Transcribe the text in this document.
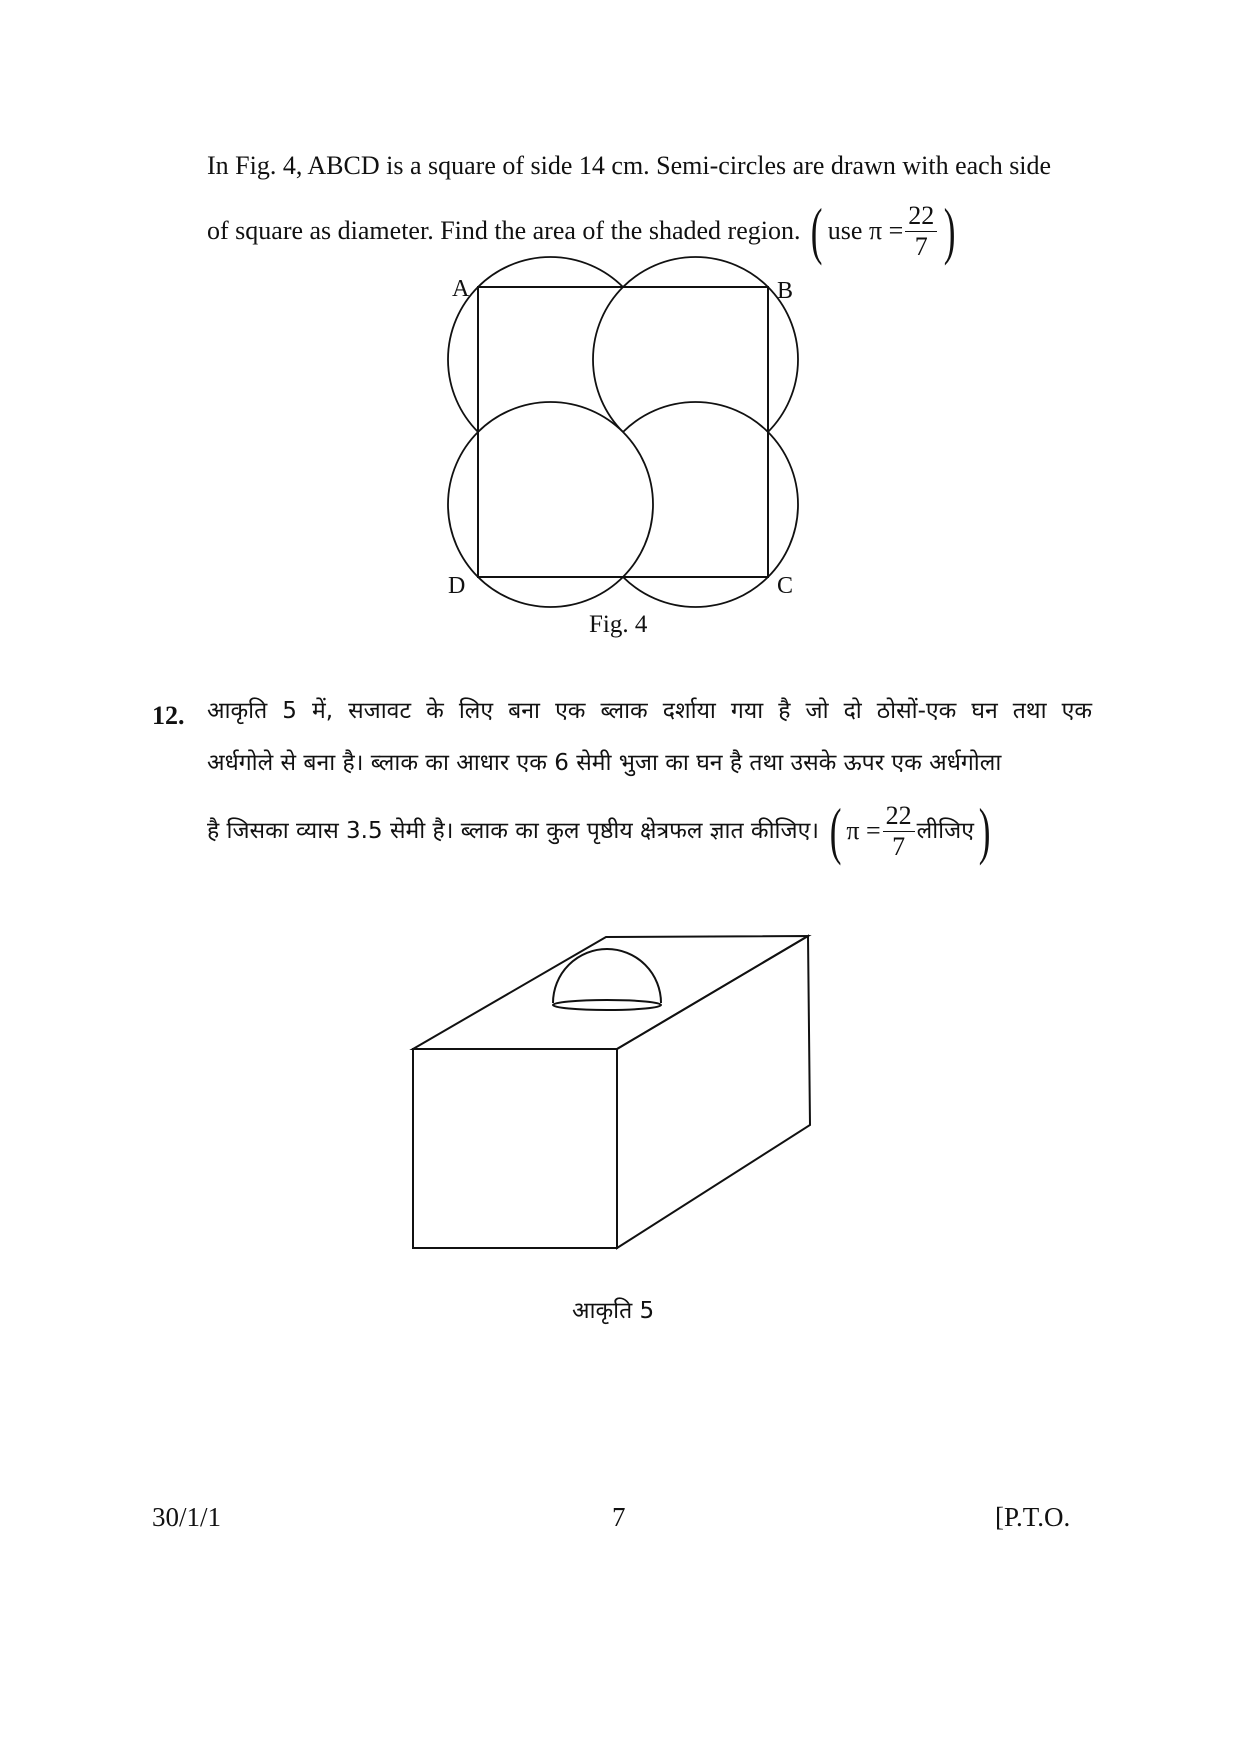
In Fig. 4, ABCD is a square of side 14 cm. Semi-circles are drawn with each side
of square as diameter. Find the area of the shaded region. ( use $\pi = \frac{22}{7}$ )
A	B
C
D
Fig. 4
12. आकृति 5 में, सजावट के लिए बना एक ब्लाक दर्शाया गया है जो दो ठोसों-एक घन तथा एक
अर्धगोले से बना है। ब्लाक का आधार एक 6 सेमी भुजा का घन है तथा उसके ऊपर एक अर्धगोला
है जिसका व्यास 3.5 सेमी है। ब्लाक का कुल पृष्ठीय क्षेत्रफल ज्ञात कीजिए। ( $\pi = \frac{22}{7}$ लीजिए )
आकृति 5
30/1/1	7	[P.T.O.
